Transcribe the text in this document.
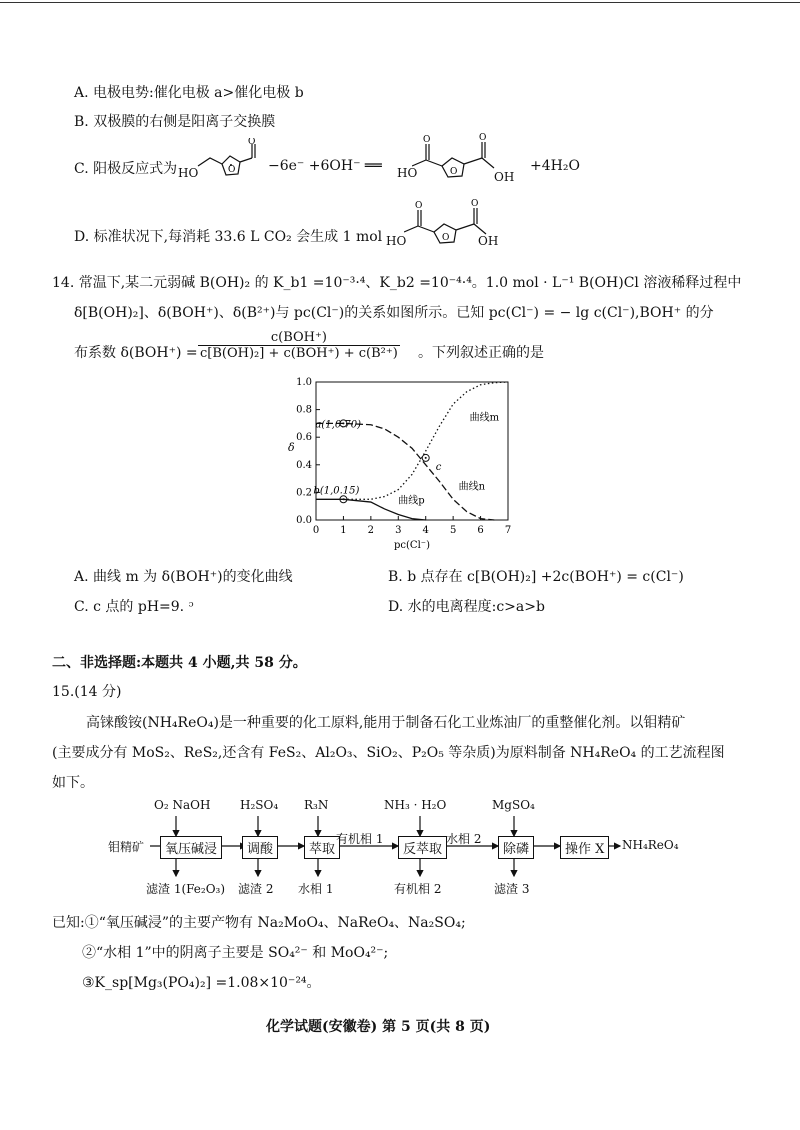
A. 电极电势:催化电极 a>催化电极 b
B. 双极膜的右侧是阳离子交换膜
C. 阳极反应式为 HO	O
O
−6e⁻ +6OH⁻ ══ HO
O
O
O
OH
+4H₂O
D. 标准状况下,每消耗 33.6 L CO₂ 会生成 1 mol HO
O
O
O
OH
14. 常温下,某二元弱碱 B(OH)₂ 的 K_b1 =10⁻³·⁴、K_b2 =10⁻⁴·⁴。1.0 mol · L⁻¹ B(OH)Cl 溶液稀释过程中
δ[B(OH)₂]、δ(BOH⁺)、δ(B²⁺)与 pc(Cl⁻)的关系如图所示。已知 pc(Cl⁻) = − lg c(Cl⁻),BOH⁺ 的分
布系数 δ(BOH⁺) =
c(BOH⁺)
c[B(OH)₂] + c(BOH⁺) + c(B²⁺) 。下列叙述正确的是
0 1 2 3 4 5 6 7
0.0
0.2
0.4
0.6
0.8
1.0
pc(Cl⁻)
δ
曲线m
曲线n
曲线p
a(1,0.70)
b(1,0.15)
c
A. 曲线 m 为 δ(BOH⁺)的变化曲线	B. b 点存在 c[B(OH)₂] +2c(BOH⁺) = c(Cl⁻)
C. c 点的 pH=9. ᵓ	D. 水的电离程度:c>a>b
二、非选择题:本题共 4 小题,共 58 分。
15.(14 分)
高铼酸铵(NH₄ReO₄)是一种重要的化工原料,能用于制备石化工业炼油厂的重整催化剂。以钼精矿
(主要成分有 MoS₂、ReS₂,还含有 FeS₂、Al₂O₃、SiO₂、P₂O₅ 等杂质)为原料制备 NH₄ReO₄ 的工艺流程图
如下。
钼精矿
O₂ NaOH H₂SO₄ R₃N	NH₃ · H₂O	MgSO₄
氧压碱浸	调酸	萃取	反萃取	除磷	操作 X
有机相 1	水相 2	NH₄ReO₄
滤渣 1(Fe₂O₃) 滤渣 2 水相 1	有机相 2	滤渣 3
已知:①“氧压碱浸”的主要产物有 Na₂MoO₄、NaReO₄、Na₂SO₄;
②“水相 1”中的阴离子主要是 SO₄²⁻ 和 MoO₄²⁻;
③K_sp[Mg₃(PO₄)₂] =1.08×10⁻²⁴。
化学试题(安徽卷) 第 5 页(共 8 页)
